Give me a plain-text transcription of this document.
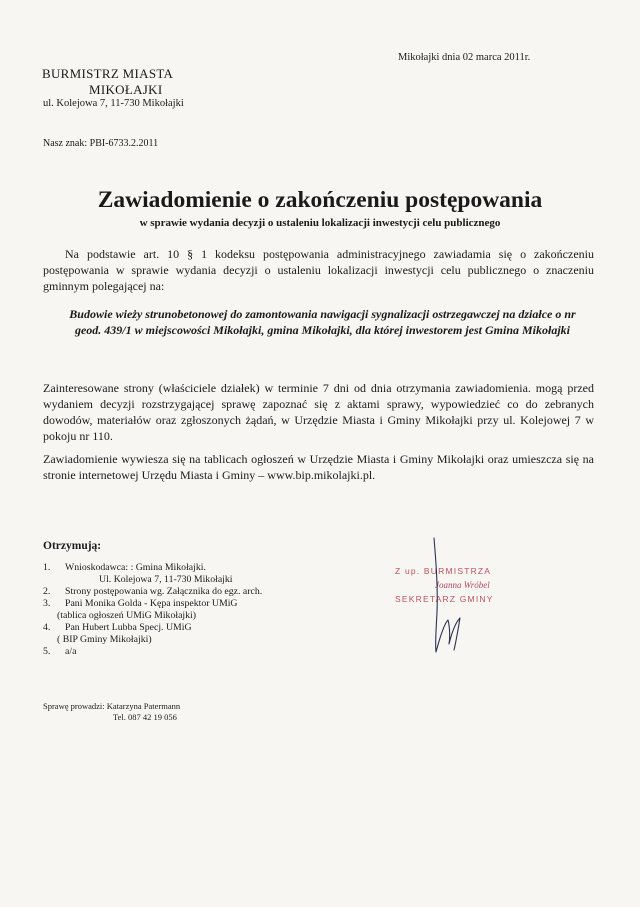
Mikołajki dnia 02 marca 2011r.
BURMISTRZ MIASTA
MIKOŁAJKI
ul. Kolejowa 7, 11-730 Mikołajki
Nasz znak: PBI-6733.2.2011
Zawiadomienie o zakończeniu postępowania
w sprawie wydania decyzji o ustaleniu lokalizacji inwestycji celu publicznego
Na podstawie art. 10 § 1 kodeksu postępowania administracyjnego zawiadamia się o zakończeniu postępowania w sprawie wydania decyzji o ustaleniu lokalizacji inwestycji celu publicznego o znaczeniu gminnym polegającej na:
Budowie wieży strunobetonowej do zamontowania nawigacji sygnalizacji ostrzegawczej na działce o nr geod. 439/1 w miejscowości Mikołajki, gmina Mikołajki, dla której inwestorem jest Gmina Mikołajki
Zainteresowane strony (właściciele działek) w terminie 7 dni od dnia otrzymania zawiadomienia. mogą przed wydaniem decyzji rozstrzygającej sprawę zapoznać się z aktami sprawy, wypowiedzieć co do zebranych dowodów, materiałów oraz zgłoszonych żądań, w Urzędzie Miasta i Gminy Mikołajki przy ul. Kolejowej 7 w pokoju nr 110.
Zawiadomienie wywiesza się na tablicach ogłoszeń w Urzędzie Miasta i Gminy Mikołajki oraz umieszcza się na stronie internetowej Urzędu Miasta i Gminy – www.bip.mikolajki.pl.
Otrzymują:
1. Wnioskodawca: : Gmina Mikołajki.
Ul. Kolejowa 7, 11-730 Mikołajki
2. Strony postępowania wg. Załącznika do egz. arch.
3. Pani Monika Golda - Kępa inspektor UMiG
(tablica ogłoszeń UMiG Mikołajki)
4. Pan Hubert Lubba Specj. UMiG
( BIP Gminy Mikołajki)
5. a/a
Z up. BURMISTRZA
Joanna Wróbel
SEKRETARZ GMINY
Sprawę prowadzi: Katarzyna Patermann
Tel. 087 42 19 056
